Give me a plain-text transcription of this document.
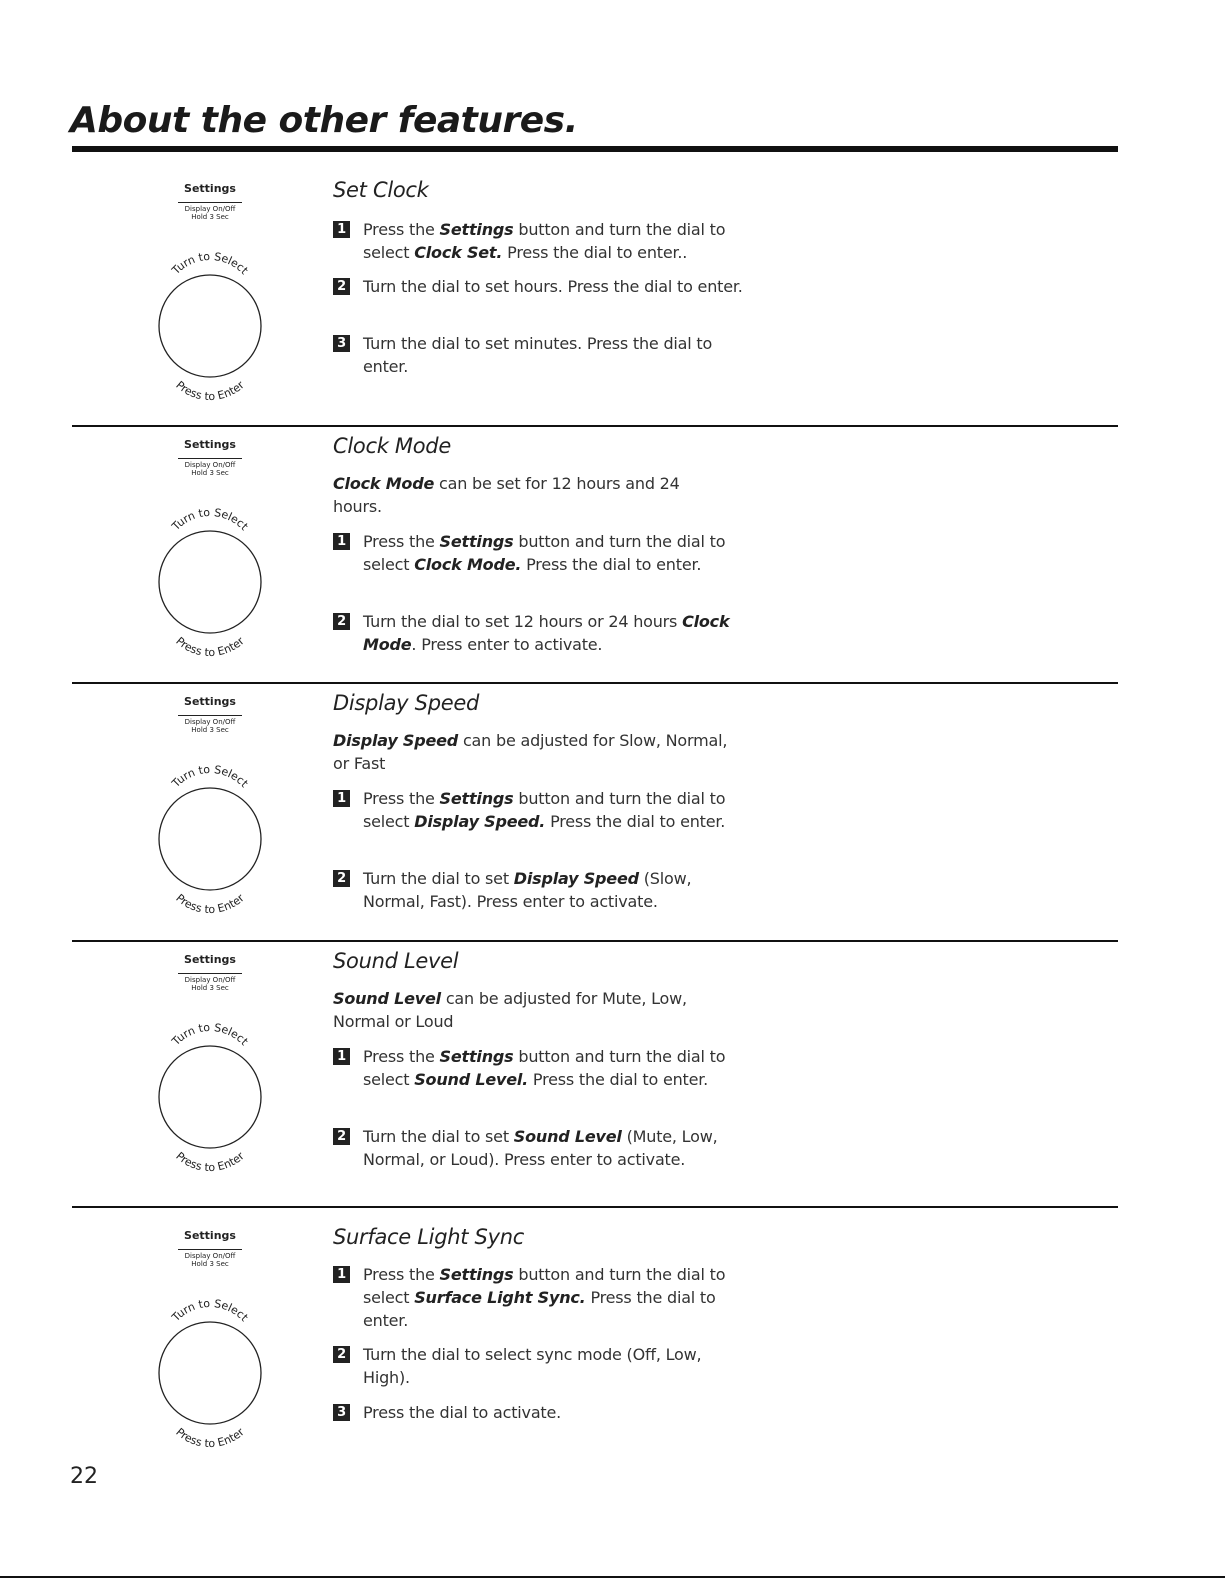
About the other features.
Settings
Display On/Off
Hold 3 Sec
Turn to Select
Press to Enter
Set Clock
1 Press the Settings button and turn the dial to select Clock Set. Press the dial to enter..
2 Turn the dial to set hours. Press the dial to enter.
3 Turn the dial to set minutes. Press the dial to enter.
Settings
Display On/Off
Hold 3 Sec
Turn to Select
Press to Enter
Clock Mode
Clock Mode can be set for 12 hours and 24 hours.
1 Press the Settings button and turn the dial to select Clock Mode. Press the dial to enter.
2 Turn the dial to set 12 hours or 24 hours Clock Mode. Press enter to activate.
Settings
Display On/Off
Hold 3 Sec
Turn to Select
Press to Enter
Display Speed
Display Speed can be adjusted for Slow, Normal, or Fast
1 Press the Settings button and turn the dial to select Display Speed. Press the dial to enter.
2 Turn the dial to set Display Speed (Slow, Normal, Fast). Press enter to activate.
Settings
Display On/Off
Hold 3 Sec
Turn to Select
Press to Enter
Sound Level
Sound Level can be adjusted for Mute, Low, Normal or Loud
1 Press the Settings button and turn the dial to select Sound Level. Press the dial to enter.
2 Turn the dial to set Sound Level (Mute, Low, Normal, or Loud). Press enter to activate.
Settings
Display On/Off
Hold 3 Sec
Turn to Select
Press to Enter
Surface Light Sync
1 Press the Settings button and turn the dial to select Surface Light Sync. Press the dial to enter.
2 Turn the dial to select sync mode (Off, Low, High).
3 Press the dial to activate.
22
